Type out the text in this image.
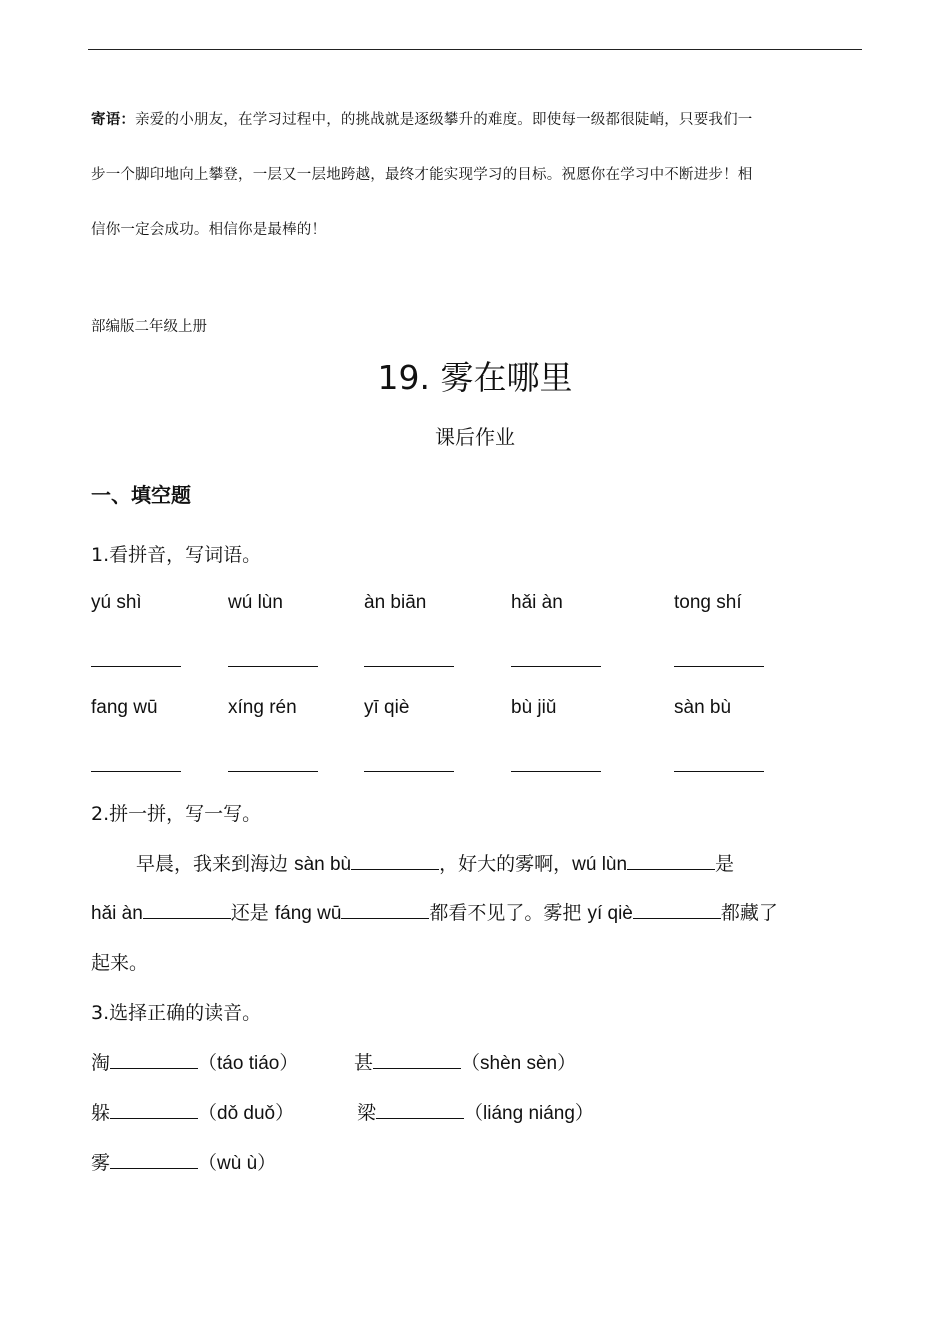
寄语：亲爱的小朋友，在学习过程中，的挑战就是逐级攀升的难度。即使每一级都很陡峭，只要我们一
步一个脚印地向上攀登，一层又一层地跨越，最终才能实现学习的目标。祝愿你在学习中不断进步！相
信你一定会成功。相信你是最棒的！
部编版二年级上册
19. 雾在哪里
课后作业
一、填空题
1.看拼音，写词语。
yú shì	wú lùn	àn biān	hǎi àn	tong shí
fang wū	xíng rén	yī qiè	bù jiǔ	sàn bù
2.拼一拼，写一写。
早晨，我来到海边 sàn bù	，好大的雾啊，wú lùn	是
hǎi àn	还是 fáng wū	都看不见了。雾把 yí qiè	都藏了
起来。
3.选择正确的读音。
淘	（táo tiáo）	甚	（shèn sèn）
躲	（dǒ duǒ）	梁	（liáng niáng）
雾	（wù ù）
